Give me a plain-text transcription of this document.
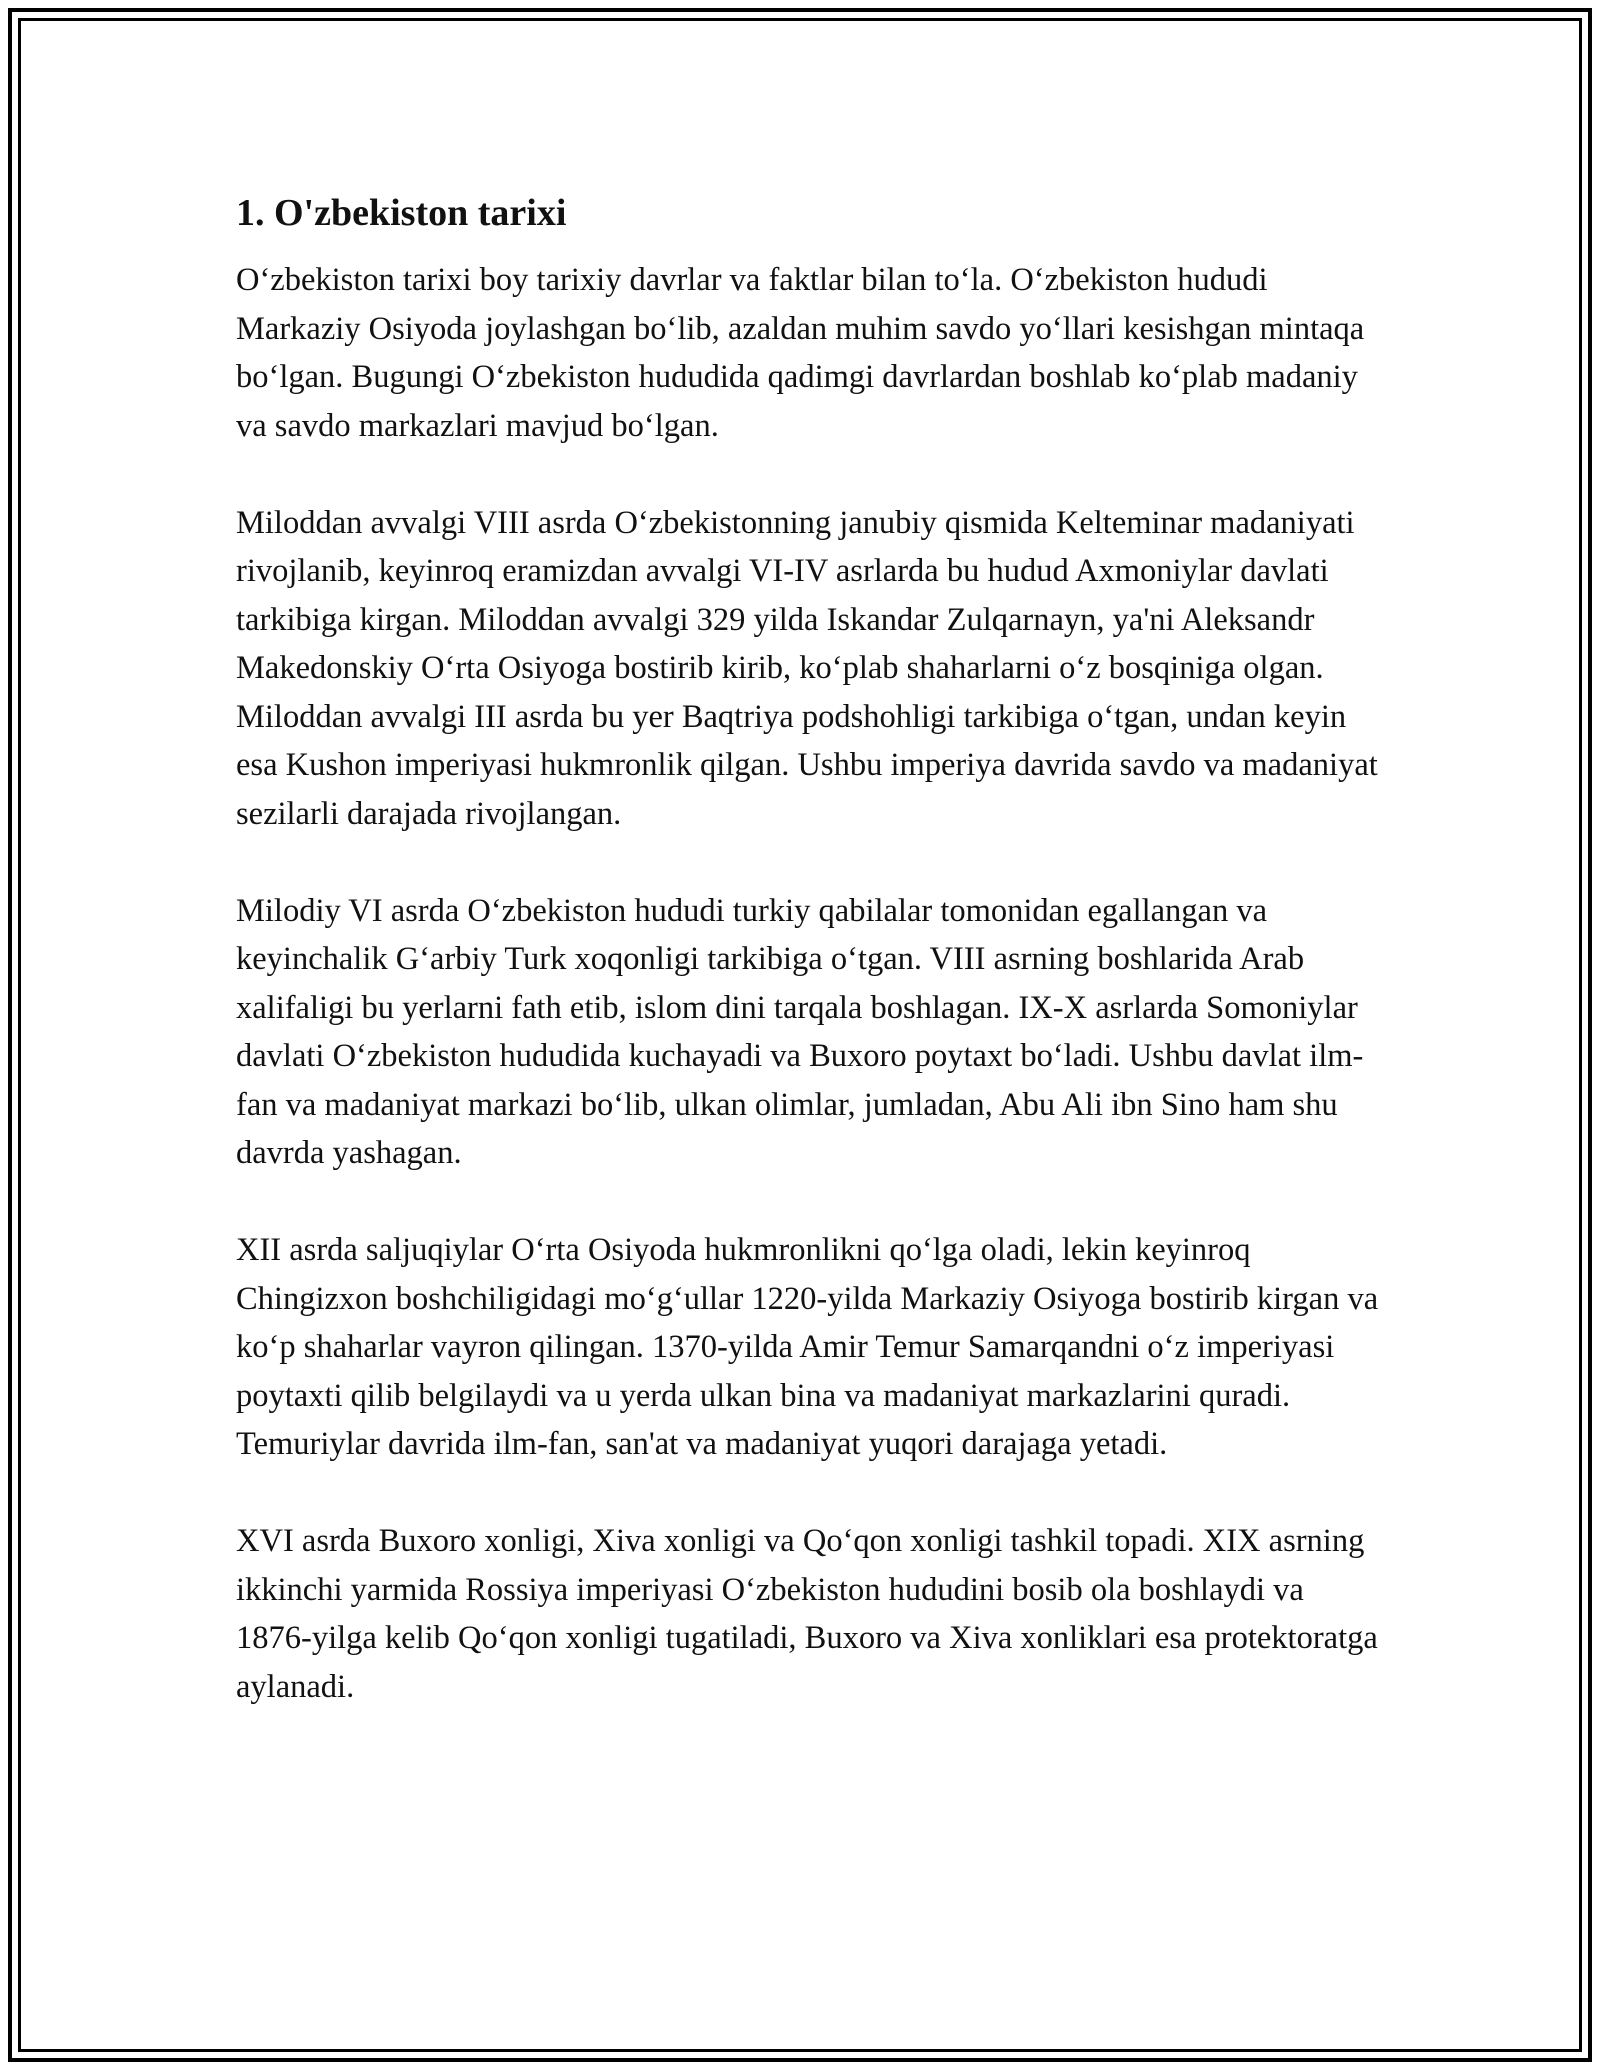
1. O'zbekiston tarixi

O‘zbekiston tarixi boy tarixiy davrlar va faktlar bilan to‘la. O‘zbekiston hududi Markaziy Osiyoda joylashgan bo‘lib, azaldan muhim savdo yo‘llari kesishgan mintaqa bo‘lgan. Bugungi O‘zbekiston hududida qadimgi davrlardan boshlab ko‘plab madaniy va savdo markazlari mavjud bo‘lgan.

Miloddan avvalgi VIII asrda O‘zbekistonning janubiy qismida Kelteminar madaniyati rivojlanib, keyinroq eramizdan avvalgi VI-IV asrlarda bu hudud Axmoniylar davlati tarkibiga kirgan. Miloddan avvalgi 329 yilda Iskandar Zulqarnayn, ya'ni Aleksandr Makedonskiy O‘rta Osiyoga bostirib kirib, ko‘plab shaharlarni o‘z bosqiniga olgan. Miloddan avvalgi III asrda bu yer Baqtriya podshohligi tarkibiga o‘tgan, undan keyin esa Kushon imperiyasi hukmronlik qilgan. Ushbu imperiya davrida savdo va madaniyat sezilarli darajada rivojlangan.

Milodiy VI asrda O‘zbekiston hududi turkiy qabilalar tomonidan egallangan va keyinchalik G‘arbiy Turk xoqonligi tarkibiga o‘tgan. VIII asrning boshlarida Arab xalifaligi bu yerlarni fath etib, islom dini tarqala boshlagan. IX-X asrlarda Somoniylar davlati O‘zbekiston hududida kuchayadi va Buxoro poytaxt bo‘ladi. Ushbu davlat ilm-fan va madaniyat markazi bo‘lib, ulkan olimlar, jumladan, Abu Ali ibn Sino ham shu davrda yashagan.

XII asrda saljuqiylar O‘rta Osiyoda hukmronlikni qo‘lga oladi, lekin keyinroq Chingizxon boshchiligidagi mo‘g‘ullar 1220-yilda Markaziy Osiyoga bostirib kirgan va ko‘p shaharlar vayron qilingan. 1370-yilda Amir Temur Samarqandni o‘z imperiyasi poytaxti qilib belgilaydi va u yerda ulkan bina va madaniyat markazlarini quradi. Temuriylar davrida ilm-fan, san'at va madaniyat yuqori darajaga yetadi.

XVI asrda Buxoro xonligi, Xiva xonligi va Qo‘qon xonligi tashkil topadi. XIX asrning ikkinchi yarmida Rossiya imperiyasi O‘zbekiston hududini bosib ola boshlaydi va 1876-yilga kelib Qo‘qon xonligi tugatiladi, Buxoro va Xiva xonliklari esa protektoratga aylanadi.
